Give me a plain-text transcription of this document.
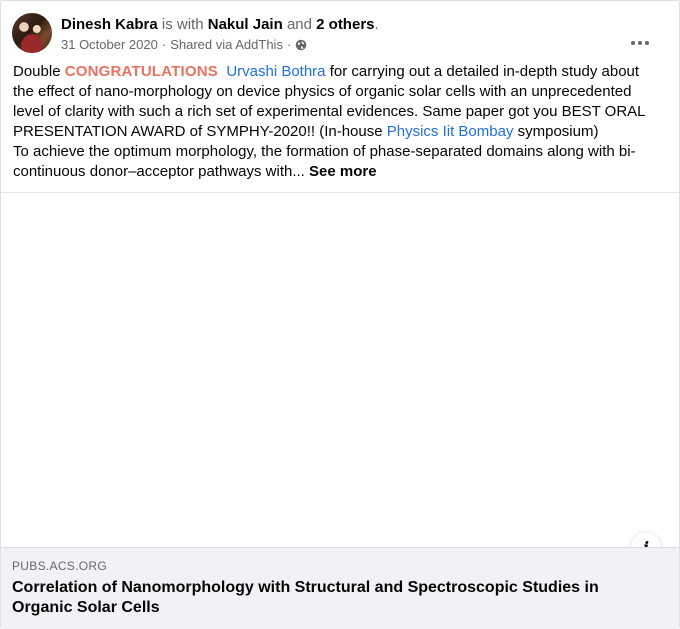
Dinesh Kabra is with Nakul Jain and 2 others.
31 October 2020 · Shared via AddThis ·
Double CONGRATULATIONS Urvashi Bothra for carrying out a detailed in-depth study about the effect of nano-morphology on device physics of organic solar cells with an unprecedented level of clarity with such a rich set of experimental evidences. Same paper got you BEST ORAL PRESENTATION AWARD of SYMPHY-2020!! (In-house Physics Iit Bombay symposium)
To achieve the optimum morphology, the formation of phase-separated domains along with bi-continuous donor–acceptor pathways with... See more
PUBS.ACS.ORG
Correlation of Nanomorphology with Structural and Spectroscopic Studies in Organic Solar Cells
